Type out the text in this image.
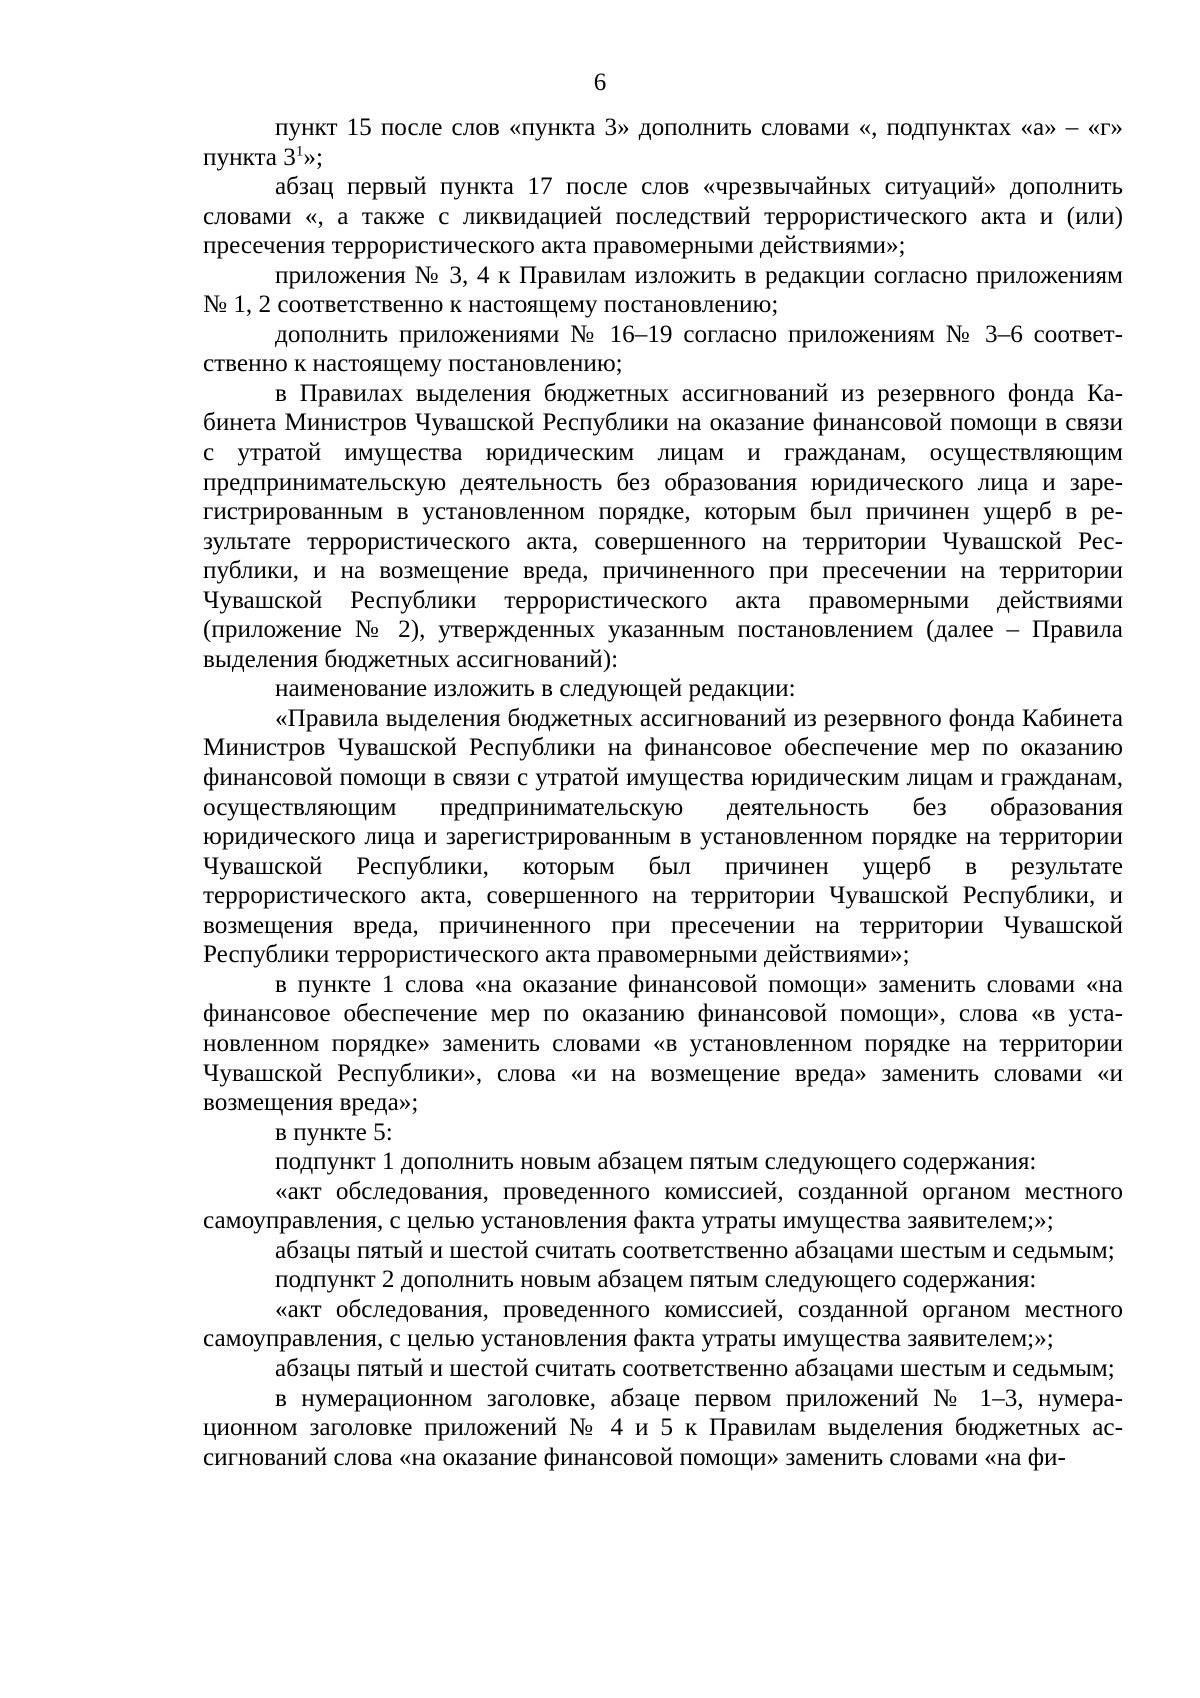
6

пункт 15 после слов «пункта 3» дополнить словами «, подпунктах «а» – «г» пункта $3^1$»;

абзац первый пункта 17 после слов «чрезвычайных ситуаций» дополнить словами «, а также с ликвидацией последствий террористического акта и (или) пресечения террористического акта правомерными действиями»;

приложения № 3, 4 к Правилам изложить в редакции согласно приложениям № 1, 2 соответственно к настоящему постановлению;

дополнить приложениями № 16–19 согласно приложениям № 3–6 соответственно к настоящему постановлению;

в Правилах выделения бюджетных ассигнований из резервного фонда Кабинета Министров Чувашской Республики на оказание финансовой помощи в связи с утратой имущества юридическим лицам и гражданам, осуществляющим предпринимательскую деятельность без образования юридического лица и зарегистрированным в установленном порядке, которым был причинен ущерб в результате террористического акта, совершенного на территории Чувашской Республики, и на возмещение вреда, причиненного при пресечении на территории Чувашской Республики террористического акта правомерными действиями (приложение № 2), утвержденных указанным постановлением (далее – Правила выделения бюджетных ассигнований):

наименование изложить в следующей редакции:

«Правила выделения бюджетных ассигнований из резервного фонда Кабинета Министров Чувашской Республики на финансовое обеспечение мер по оказанию финансовой помощи в связи с утратой имущества юридическим лицам и гражданам, осуществляющим предпринимательскую деятельность без образования юридического лица и зарегистрированным в установленном порядке на территории Чувашской Республики, которым был причинен ущерб в результате террористического акта, совершенного на территории Чувашской Республики, и возмещения вреда, причиненного при пресечении на территории Чувашской Республики террористического акта правомерными действиями»;

в пункте 1 слова «на оказание финансовой помощи» заменить словами «на финансовое обеспечение мер по оказанию финансовой помощи», слова «в установленном порядке» заменить словами «в установленном порядке на территории Чувашской Республики», слова «и на возмещение вреда» заменить словами «и возмещения вреда»;

в пункте 5:

подпункт 1 дополнить новым абзацем пятым следующего содержания:

«акт обследования, проведенного комиссией, созданной органом местного самоуправления, с целью установления факта утраты имущества заявителем;»;

абзацы пятый и шестой считать соответственно абзацами шестым и седьмым;

подпункт 2 дополнить новым абзацем пятым следующего содержания:

«акт обследования, проведенного комиссией, созданной органом местного самоуправления, с целью установления факта утраты имущества заявителем;»;

абзацы пятый и шестой считать соответственно абзацами шестым и седьмым;

в нумерационном заголовке, абзаце первом приложений № 1–3, нумерационном заголовке приложений № 4 и 5 к Правилам выделения бюджетных ассигнований слова «на оказание финансовой помощи» заменить словами «на фи-
